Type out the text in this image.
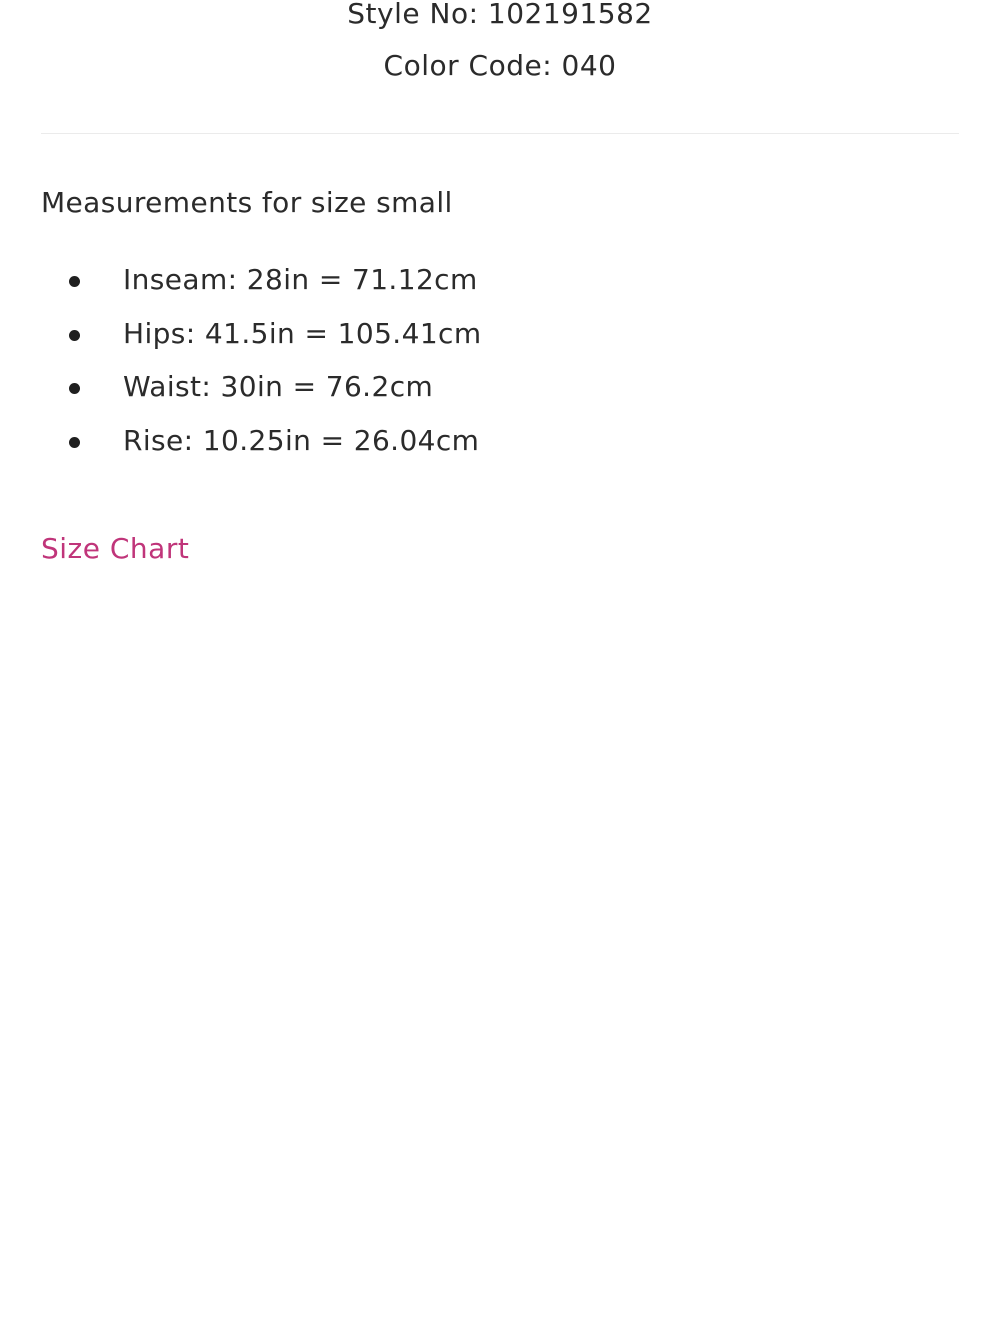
Style No: 102191582
Color Code: 040
Measurements for size small
Inseam: 28in = 71.12cm
Hips: 41.5in = 105.41cm
Waist: 30in = 76.2cm
Rise: 10.25in = 26.04cm
Size Chart
